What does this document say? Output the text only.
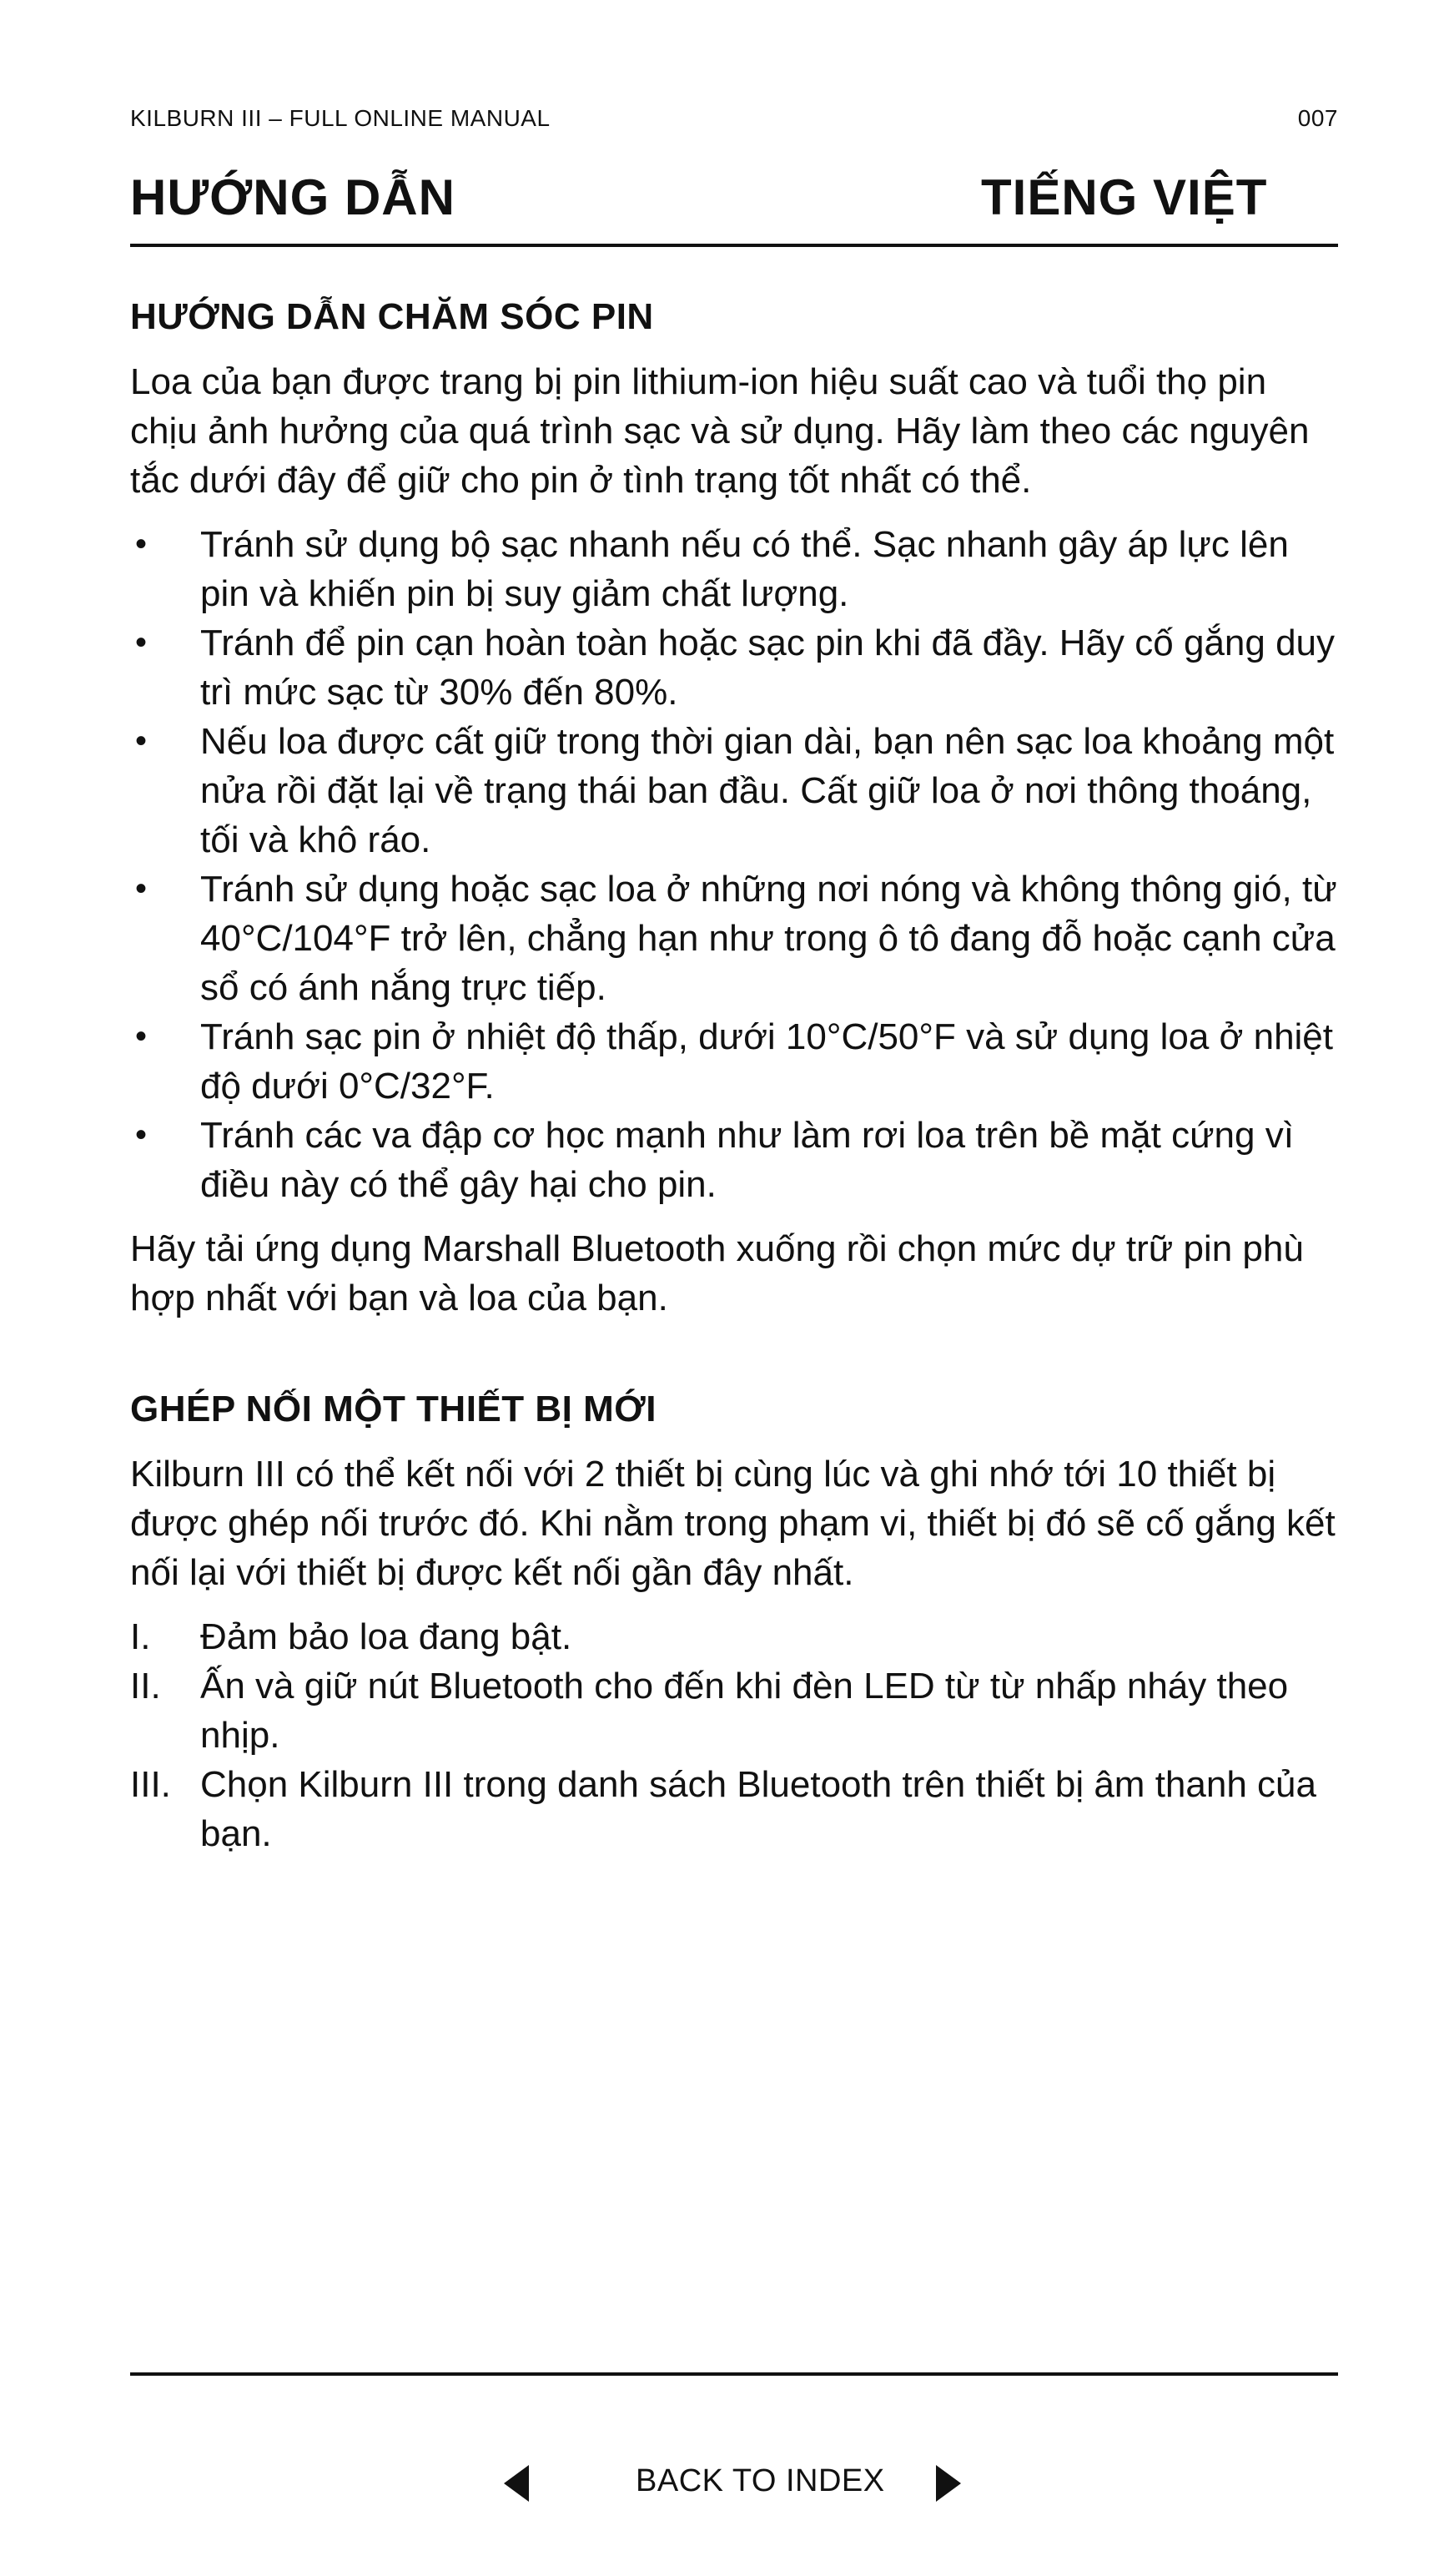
KILBURN III – FULL ONLINE MANUAL	007
HƯỚNG DẪN	TIẾNG VIỆT
HƯỚNG DẪN CHĂM SÓC PIN

Loa của bạn được trang bị pin lithium-ion hiệu suất cao và tuổi thọ pin chịu ảnh hưởng của quá trình sạc và sử dụng. Hãy làm theo các nguyên tắc dưới đây để giữ cho pin ở tình trạng tốt nhất có thể.

• Tránh sử dụng bộ sạc nhanh nếu có thể. Sạc nhanh gây áp lực lên pin và khiến pin bị suy giảm chất lượng.
• Tránh để pin cạn hoàn toàn hoặc sạc pin khi đã đầy. Hãy cố gắng duy trì mức sạc từ 30% đến 80%.
• Nếu loa được cất giữ trong thời gian dài, bạn nên sạc loa khoảng một nửa rồi đặt lại về trạng thái ban đầu. Cất giữ loa ở nơi thông thoáng, tối và khô ráo.
• Tránh sử dụng hoặc sạc loa ở những nơi nóng và không thông gió, từ 40°C/104°F trở lên, chẳng hạn như trong ô tô đang đỗ hoặc cạnh cửa sổ có ánh nắng trực tiếp.
• Tránh sạc pin ở nhiệt độ thấp, dưới 10°C/50°F và sử dụng loa ở nhiệt độ dưới 0°C/32°F.
• Tránh các va đập cơ học mạnh như làm rơi loa trên bề mặt cứng vì điều này có thể gây hại cho pin.

Hãy tải ứng dụng Marshall Bluetooth xuống rồi chọn mức dự trữ pin phù hợp nhất với bạn và loa của bạn.

GHÉP NỐI MỘT THIẾT BỊ MỚI

Kilburn III có thể kết nối với 2 thiết bị cùng lúc và ghi nhớ tới 10 thiết bị được ghép nối trước đó. Khi nằm trong phạm vi, thiết bị đó sẽ cố gắng kết nối lại với thiết bị được kết nối gần đây nhất.

I. Đảm bảo loa đang bật.
II. Ấn và giữ nút Bluetooth cho đến khi đèn LED từ từ nhấp nháy theo nhịp.
III. Chọn Kilburn III trong danh sách Bluetooth trên thiết bị âm thanh của bạn.
BACK TO INDEX
